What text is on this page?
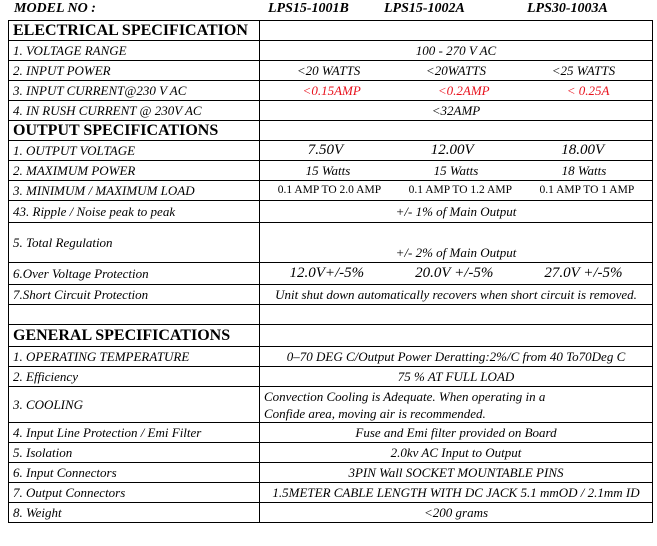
MODEL NO :	LPS15-1001B	LPS15-1002A	LPS30-1003A
ELECTRICAL SPECIFICATION	
1. VOLTAGE RANGE	100 - 270 V AC
2. INPUT POWER	<20 WATTS <20WATTS <25 WATTS

3. INPUT CURRENT@230 V AC	<0.15AMP <0.2AMP < 0.25A

4. IN RUSH CURRENT @ 230V AC	<32AMP
OUTPUT SPECIFICATIONS	
1. OUTPUT VOLTAGE	7.50V 12.00V 18.00V

2. MAXIMUM POWER	15 Watts 15 Watts 18 Watts

3. MINIMUM / MAXIMUM LOAD	0.1 AMP TO 2.0 AMP 0.1 AMP TO 1.2 AMP 0.1 AMP TO 1 AMP

43. Ripple / Noise peak to peak	+/- 1% of Main Output
5. Total Regulation	+/- 2% of Main Output
6.Over Voltage Protection	12.0V+/-5% 20.0V +/-5% 27.0V +/-5%

7.Short Circuit Protection	Unit shut down automatically recovers when short circuit is removed.

GENERAL SPECIFICATIONS	
1. OPERATING TEMPERATURE	0–70 DEG C/Output Power Deratting:2%/C from 40 To70Deg C
2. Efficiency	75 % AT FULL LOAD
3. COOLING	Convection Cooling is Adequate. When operating in a
Confide area, moving air is recommended.

4. Input Line Protection / Emi Filter	Fuse and Emi filter provided on Board
5. Isolation	2.0kv AC Input to Output
6. Input Connectors	3PIN Wall SOCKET MOUNTABLE PINS
7. Output Connectors	1.5METER CABLE LENGTH WITH DC JACK 5.1 mmOD / 2.1mm ID
8. Weight	<200 grams
